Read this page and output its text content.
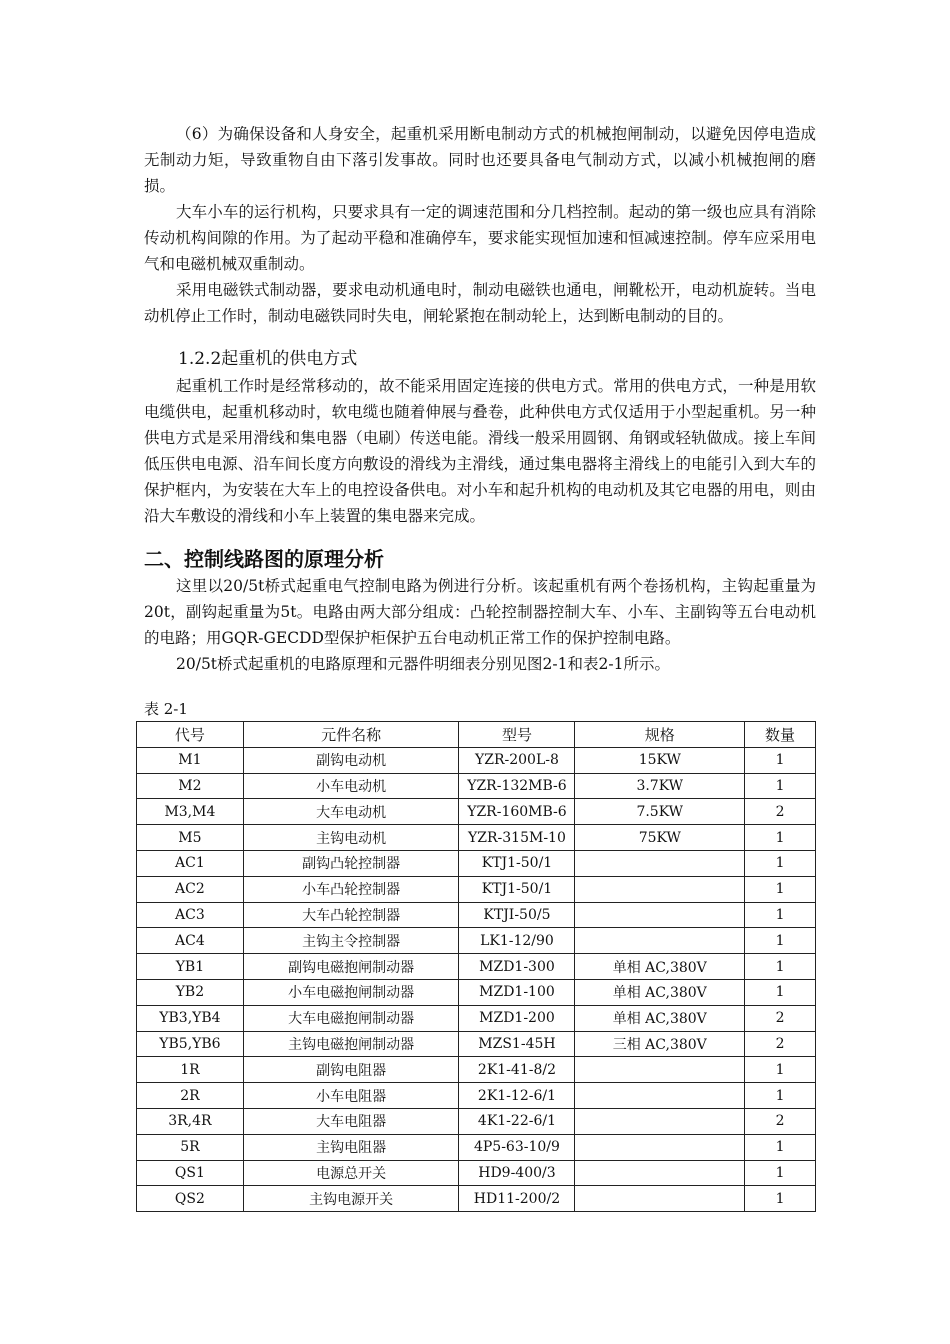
（6）为确保设备和人身安全，起重机采用断电制动方式的机械抱闸制动，以避免因停电造成无制动力矩，导致重物自由下落引发事故。同时也还要具备电气制动方式，以减小机械抱闸的磨损。

大车小车的运行机构，只要求具有一定的调速范围和分几档控制。起动的第一级也应具有消除传动机构间隙的作用。为了起动平稳和准确停车，要求能实现恒加速和恒减速控制。停车应采用电气和电磁机械双重制动。

采用电磁铁式制动器，要求电动机通电时，制动电磁铁也通电，闸靴松开，电动机旋转。当电动机停止工作时，制动电磁铁同时失电，闸轮紧抱在制动轮上，达到断电制动的目的。

1.2.2起重机的供电方式

起重机工作时是经常移动的，故不能采用固定连接的供电方式。常用的供电方式，一种是用软电缆供电，起重机移动时，软电缆也随着伸展与叠卷，此种供电方式仅适用于小型起重机。另一种供电方式是采用滑线和集电器（电刷）传送电能。滑线一般采用圆钢、角钢或轻轨做成。接上车间低压供电电源、沿车间长度方向敷设的滑线为主滑线，通过集电器将主滑线上的电能引入到大车的保护框内，为安装在大车上的电控设备供电。对小车和起升机构的电动机及其它电器的用电，则由沿大车敷设的滑线和小车上装置的集电器来完成。

二、控制线路图的原理分析

这里以20/5t桥式起重电气控制电路为例进行分析。该起重机有两个卷扬机构，主钩起重量为20t，副钩起重量为5t。电路由两大部分组成：凸轮控制器控制大车、小车、主副钩等五台电动机的电路；用GQR-GECDD型保护柜保护五台电动机正常工作的保护控制电路。

20/5t桥式起重机的电路原理和元器件明细表分别见图2-1和表2-1所示。

表 2-1
代号	元件名称	型号	规格	数量
M1	副钩电动机	YZR-200L-8	15KW	1
M2	小车电动机	YZR-132MB-6	3.7KW	1
M3,M4	大车电动机	YZR-160MB-6	7.5KW	2
M5	主钩电动机	YZR-315M-10	75KW	1
AC1	副钩凸轮控制器	KTJ1-50/1		1
AC2	小车凸轮控制器	KTJ1-50/1		1
AC3	大车凸轮控制器	KTJI-50/5		1
AC4	主钩主令控制器	LK1-12/90		1
YB1	副钩电磁抱闸制动器	MZD1-300	单相 AC,380V	1
YB2	小车电磁抱闸制动器	MZD1-100	单相 AC,380V	1
YB3,YB4	大车电磁抱闸制动器	MZD1-200	单相 AC,380V	2
YB5,YB6	主钩电磁抱闸制动器	MZS1-45H	三相 AC,380V	2
1R	副钩电阻器	2K1-41-8/2		1
2R	小车电阻器	2K1-12-6/1		1
3R,4R	大车电阻器	4K1-22-6/1		2
5R	主钩电阻器	4P5-63-10/9		1
QS1	电源总开关	HD9-400/3		1
QS2	主钩电源开关	HD11-200/2		1
